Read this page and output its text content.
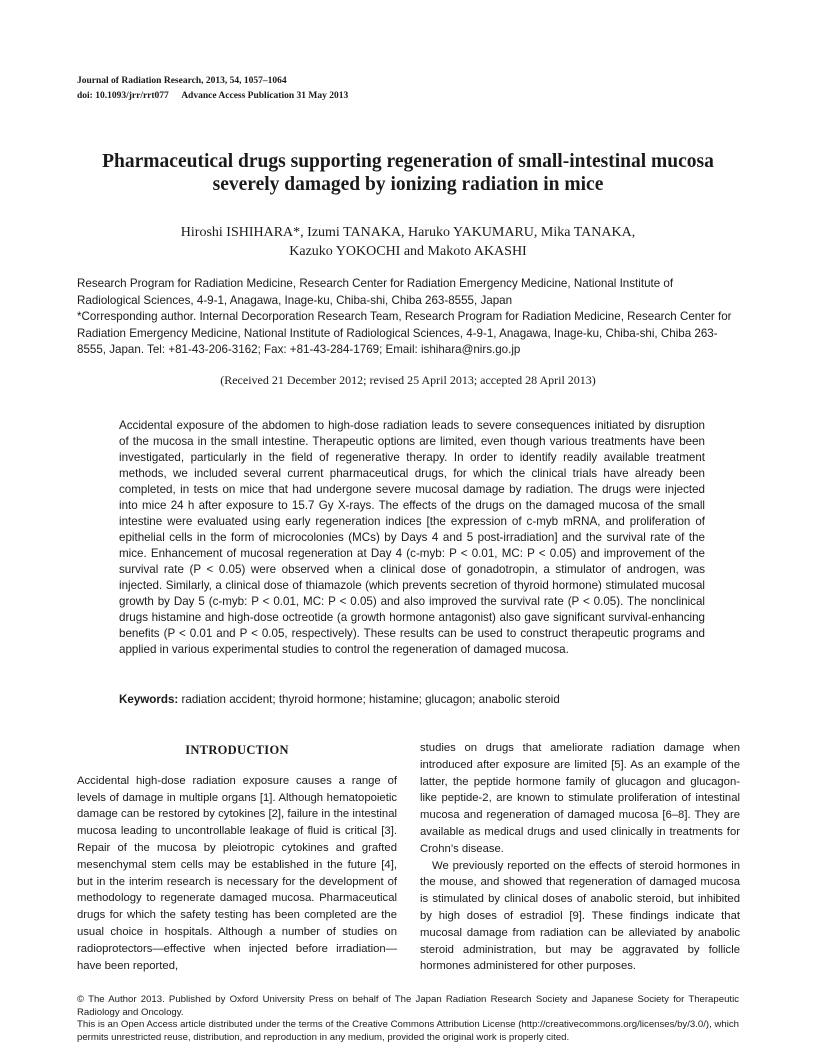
Journal of Radiation Research, 2013, 54, 1057–1064
doi: 10.1093/jrr/rrt077 Advance Access Publication 31 May 2013
Pharmaceutical drugs supporting regeneration of small-intestinal mucosa
severely damaged by ionizing radiation in mice
Hiroshi ISHIHARA*, Izumi TANAKA, Haruko YAKUMARU, Mika TANAKA,
Kazuko YOKOCHI and Makoto AKASHI

Research Program for Radiation Medicine, Research Center for Radiation Emergency Medicine, National Institute of Radiological Sciences, 4-9-1, Anagawa, Inage-ku, Chiba-shi, Chiba 263-8555, Japan

*Corresponding author. Internal Decorporation Research Team, Research Program for Radiation Medicine, Research Center for Radiation Emergency Medicine, National Institute of Radiological Sciences, 4-9-1, Anagawa, Inage-ku, Chiba-shi, Chiba 263-8555, Japan. Tel: +81-43-206-3162; Fax: +81-43-284-1769; Email: ishihara@nirs.go.jp

(Received 21 December 2012; revised 25 April 2013; accepted 28 April 2013)

Accidental exposure of the abdomen to high-dose radiation leads to severe consequences initiated by disruption of the mucosa in the small intestine. Therapeutic options are limited, even though various treatments have been investigated, particularly in the field of regenerative therapy. In order to identify readily available treatment methods, we included several current pharmaceutical drugs, for which the clinical trials have already been completed, in tests on mice that had undergone severe mucosal damage by radiation. The drugs were injected into mice 24 h after exposure to 15.7 Gy X-rays. The effects of the drugs on the damaged mucosa of the small intestine were evaluated using early regeneration indices [the expression of c-myb mRNA, and proliferation of epithelial cells in the form of microcolonies (MCs) by Days 4 and 5 post-irradiation] and the survival rate of the mice. Enhancement of mucosal regeneration at Day 4 (c-myb: P < 0.01, MC: P < 0.05) and improvement of the survival rate (P < 0.05) were observed when a clinical dose of gonadotropin, a stimulator of androgen, was injected. Similarly, a clinical dose of thiamazole (which prevents secretion of thyroid hormone) stimulated mucosal growth by Day 5 (c-myb: P < 0.01, MC: P < 0.05) and also improved the survival rate (P < 0.05). The nonclinical drugs histamine and high-dose octreotide (a growth hormone antagonist) also gave significant survival-enhancing benefits (P < 0.01 and P < 0.05, respectively). These results can be used to construct therapeutic programs and applied in various experimental studies to control the regeneration of damaged mucosa.

Keywords: radiation accident; thyroid hormone; histamine; glucagon; anabolic steroid

INTRODUCTION

Accidental high-dose radiation exposure causes a range of levels of damage in multiple organs [1]. Although hematopoietic damage can be restored by cytokines [2], failure in the intestinal mucosa leading to uncontrollable leakage of fluid is critical [3]. Repair of the mucosa by pleiotropic cytokines and grafted mesenchymal stem cells may be established in the future [4], but in the interim research is necessary for the development of methodology to regenerate damaged mucosa. Pharmaceutical drugs for which the safety testing has been completed are the usual choice in hospitals. Although a number of studies on radioprotectors—effective when injected before irradiation—have been reported,

studies on drugs that ameliorate radiation damage when introduced after exposure are limited [5]. As an example of the latter, the peptide hormone family of glucagon and glucagon-like peptide-2, are known to stimulate proliferation of intestinal mucosa and regeneration of damaged mucosa [6–8]. They are available as medical drugs and used clinically in treatments for Crohn’s disease.

We previously reported on the effects of steroid hormones in the mouse, and showed that regeneration of damaged mucosa is stimulated by clinical doses of anabolic steroid, but inhibited by high doses of estradiol [9]. These findings indicate that mucosal damage from radiation can be alleviated by anabolic steroid administration, but may be aggravated by follicle hormones administered for other purposes.

© The Author 2013. Published by Oxford University Press on behalf of The Japan Radiation Research Society and Japanese Society for Therapeutic Radiology and Oncology.

This is an Open Access article distributed under the terms of the Creative Commons Attribution License (http://creativecommons.org/licenses/by/3.0/), which permits unrestricted reuse, distribution, and reproduction in any medium, provided the original work is properly cited.
